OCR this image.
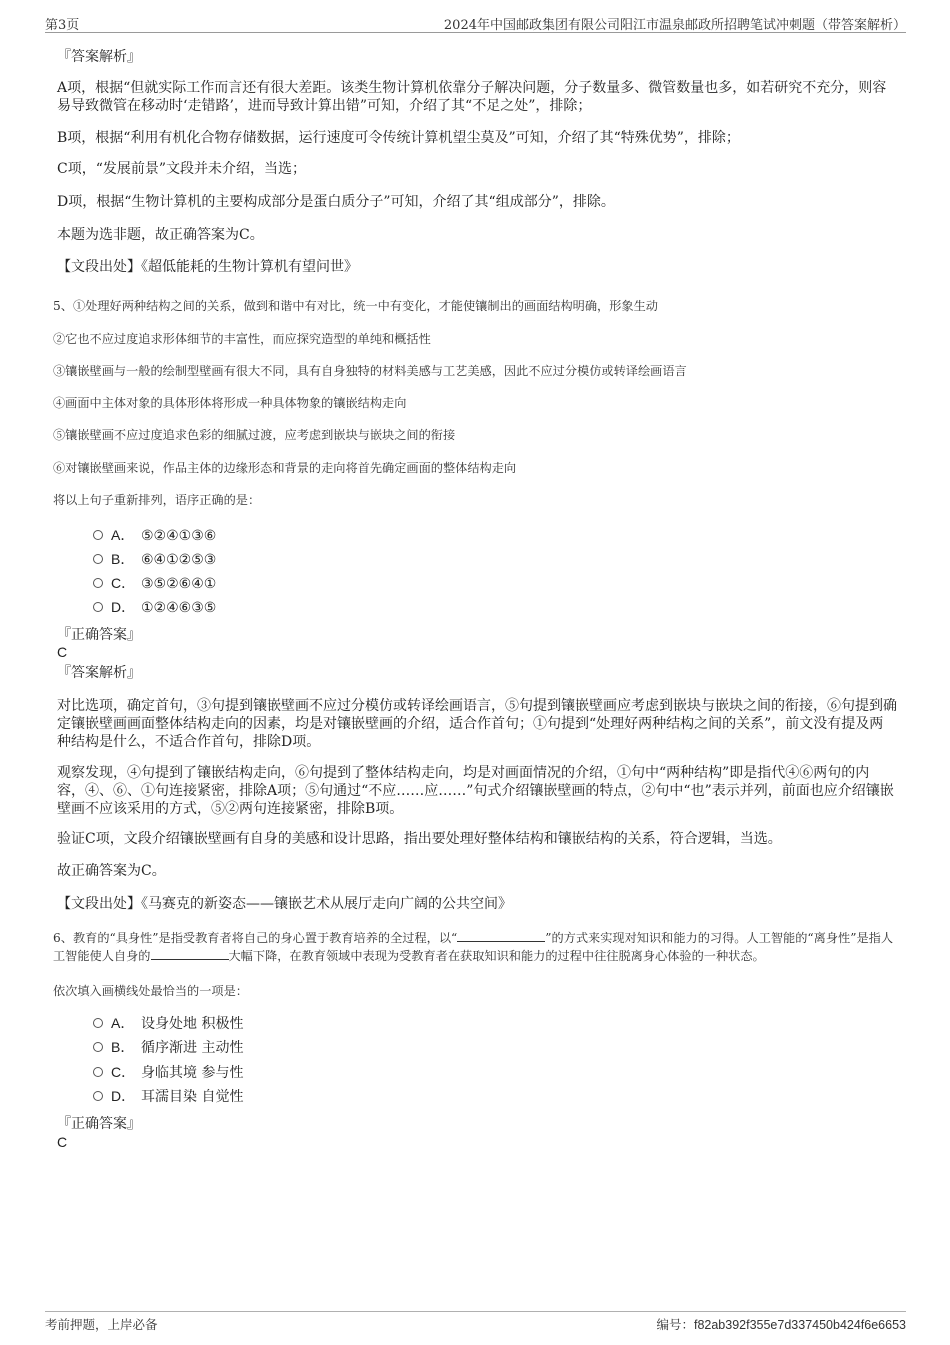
第3页	2024年中国邮政集团有限公司阳江市温泉邮政所招聘笔试冲刺题（带答案解析）
『答案解析』
A项，根据“但就实际工作而言还有很大差距。该类生物计算机依靠分子解决问题，分子数量多、微管数量也多，如若研究不充分，则容易导致微管在移动时‘走错路’，进而导致计算出错”可知，介绍了其“不足之处”，排除；
B项，根据“利用有机化合物存储数据，运行速度可令传统计算机望尘莫及”可知，介绍了其“特殊优势”，排除；
C项，“发展前景”文段并未介绍，当选；
D项，根据“生物计算机的主要构成部分是蛋白质分子”可知，介绍了其“组成部分”，排除。
本题为选非题，故正确答案为C。
【文段出处】《超低能耗的生物计算机有望问世》
5、①处理好两种结构之间的关系，做到和谐中有对比，统一中有变化，才能使镶制出的画面结构明确，形象生动
②它也不应过度追求形体细节的丰富性，而应探究造型的单纯和概括性
③镶嵌壁画与一般的绘制型壁画有很大不同，具有自身独特的材料美感与工艺美感，因此不应过分模仿或转译绘画语言
④画面中主体对象的具体形体将形成一种具体物象的镶嵌结构走向
⑤镶嵌壁画不应过度追求色彩的细腻过渡，应考虑到嵌块与嵌块之间的衔接
⑥对镶嵌壁画来说，作品主体的边缘形态和背景的走向将首先确定画面的整体结构走向
将以上句子重新排列，语序正确的是：
A． ⑤②④①③⑥
B． ⑥④①②⑤③
C． ③⑤②⑥④①
D． ①②④⑥③⑤
『正确答案』
C
『答案解析』
对比选项，确定首句，③句提到镶嵌壁画不应过分模仿或转译绘画语言，⑤句提到镶嵌壁画应考虑到嵌块与嵌块之间的衔接，⑥句提到确定镶嵌壁画画面整体结构走向的因素，均是对镶嵌壁画的介绍，适合作首句；①句提到“处理好两种结构之间的关系”，前文没有提及两种结构是什么，不适合作首句，排除D项。
观察发现，④句提到了镶嵌结构走向，⑥句提到了整体结构走向，均是对画面情况的介绍，①句中“两种结构”即是指代④⑥两句的内容，④、⑥、①句连接紧密，排除A项；⑤句通过“不应……应……”句式介绍镶嵌壁画的特点，②句中“也”表示并列，前面也应介绍镶嵌壁画不应该采用的方式，⑤②两句连接紧密，排除B项。
验证C项，文段介绍镶嵌壁画有自身的美感和设计思路，指出要处理好整体结构和镶嵌结构的关系，符合逻辑，当选。
故正确答案为C。
【文段出处】《马赛克的新姿态——镶嵌艺术从展厅走向广阔的公共空间》
6、教育的“具身性”是指受教育者将自己的身心置于教育培养的全过程，以“	”的方式来实现对知识和能力的习得。人工智能的“离身性”是指人工智能使人自身的	大幅下降，在教育领域中表现为受教育者在获取知识和能力的过程中往往脱离身心体验的一种状态。
依次填入画横线处最恰当的一项是：
A． 设身处地 积极性
B． 循序渐进 主动性
C． 身临其境 参与性
D． 耳濡目染 自觉性
『正确答案』
C
考前押题，上岸必备	编号：f82ab392f355e7d337450b424f6e6653
